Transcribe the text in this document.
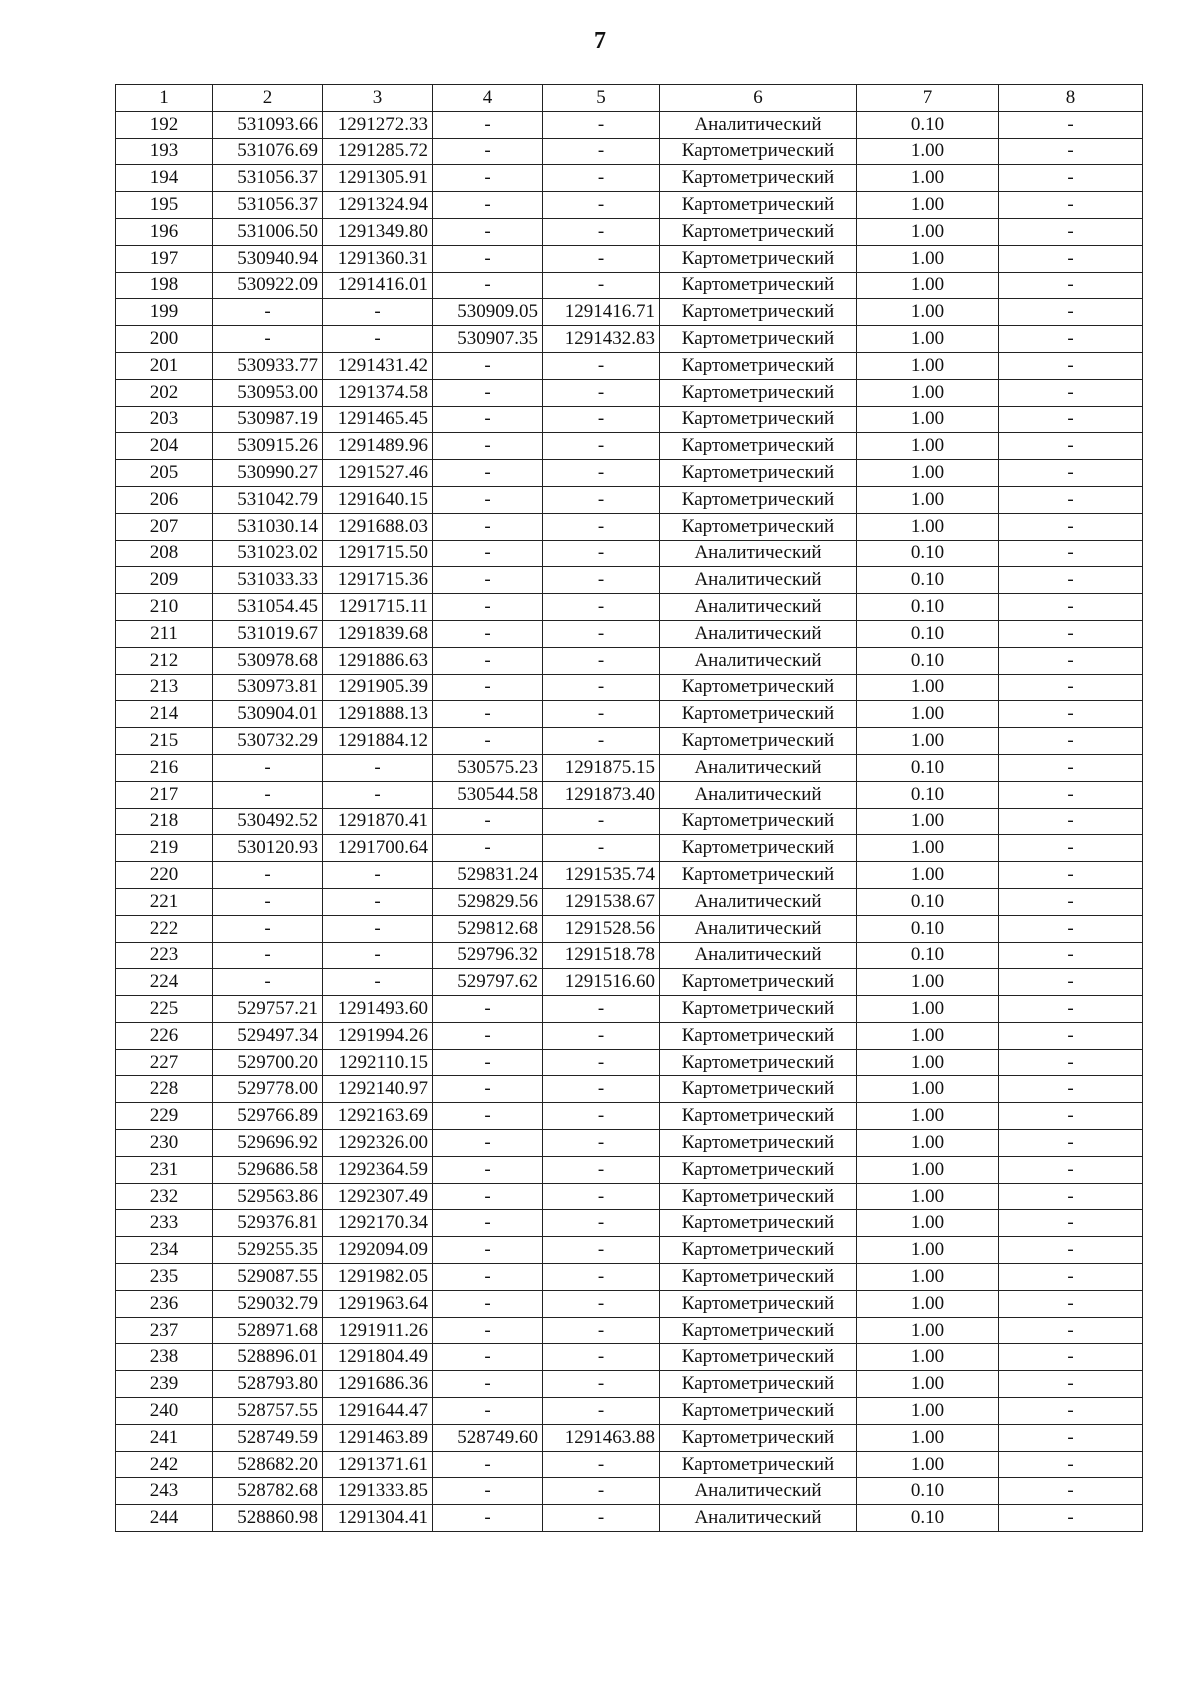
7
1	2	3	4	5	6	7	8
192	531093.66	1291272.33	-	-	Аналитический	0.10	-
193	531076.69	1291285.72	-	-	Картометрический	1.00	-
194	531056.37	1291305.91	-	-	Картометрический	1.00	-
195	531056.37	1291324.94	-	-	Картометрический	1.00	-
196	531006.50	1291349.80	-	-	Картометрический	1.00	-
197	530940.94	1291360.31	-	-	Картометрический	1.00	-
198	530922.09	1291416.01	-	-	Картометрический	1.00	-
199	-	-	530909.05	1291416.71	Картометрический	1.00	-
200	-	-	530907.35	1291432.83	Картометрический	1.00	-
201	530933.77	1291431.42	-	-	Картометрический	1.00	-
202	530953.00	1291374.58	-	-	Картометрический	1.00	-
203	530987.19	1291465.45	-	-	Картометрический	1.00	-
204	530915.26	1291489.96	-	-	Картометрический	1.00	-
205	530990.27	1291527.46	-	-	Картометрический	1.00	-
206	531042.79	1291640.15	-	-	Картометрический	1.00	-
207	531030.14	1291688.03	-	-	Картометрический	1.00	-
208	531023.02	1291715.50	-	-	Аналитический	0.10	-
209	531033.33	1291715.36	-	-	Аналитический	0.10	-
210	531054.45	1291715.11	-	-	Аналитический	0.10	-
211	531019.67	1291839.68	-	-	Аналитический	0.10	-
212	530978.68	1291886.63	-	-	Аналитический	0.10	-
213	530973.81	1291905.39	-	-	Картометрический	1.00	-
214	530904.01	1291888.13	-	-	Картометрический	1.00	-
215	530732.29	1291884.12	-	-	Картометрический	1.00	-
216	-	-	530575.23	1291875.15	Аналитический	0.10	-
217	-	-	530544.58	1291873.40	Аналитический	0.10	-
218	530492.52	1291870.41	-	-	Картометрический	1.00	-
219	530120.93	1291700.64	-	-	Картометрический	1.00	-
220	-	-	529831.24	1291535.74	Картометрический	1.00	-
221	-	-	529829.56	1291538.67	Аналитический	0.10	-
222	-	-	529812.68	1291528.56	Аналитический	0.10	-
223	-	-	529796.32	1291518.78	Аналитический	0.10	-
224	-	-	529797.62	1291516.60	Картометрический	1.00	-
225	529757.21	1291493.60	-	-	Картометрический	1.00	-
226	529497.34	1291994.26	-	-	Картометрический	1.00	-
227	529700.20	1292110.15	-	-	Картометрический	1.00	-
228	529778.00	1292140.97	-	-	Картометрический	1.00	-
229	529766.89	1292163.69	-	-	Картометрический	1.00	-
230	529696.92	1292326.00	-	-	Картометрический	1.00	-
231	529686.58	1292364.59	-	-	Картометрический	1.00	-
232	529563.86	1292307.49	-	-	Картометрический	1.00	-
233	529376.81	1292170.34	-	-	Картометрический	1.00	-
234	529255.35	1292094.09	-	-	Картометрический	1.00	-
235	529087.55	1291982.05	-	-	Картометрический	1.00	-
236	529032.79	1291963.64	-	-	Картометрический	1.00	-
237	528971.68	1291911.26	-	-	Картометрический	1.00	-
238	528896.01	1291804.49	-	-	Картометрический	1.00	-
239	528793.80	1291686.36	-	-	Картометрический	1.00	-
240	528757.55	1291644.47	-	-	Картометрический	1.00	-
241	528749.59	1291463.89	528749.60	1291463.88	Картометрический	1.00	-
242	528682.20	1291371.61	-	-	Картометрический	1.00	-
243	528782.68	1291333.85	-	-	Аналитический	0.10	-
244	528860.98	1291304.41	-	-	Аналитический	0.10	-
